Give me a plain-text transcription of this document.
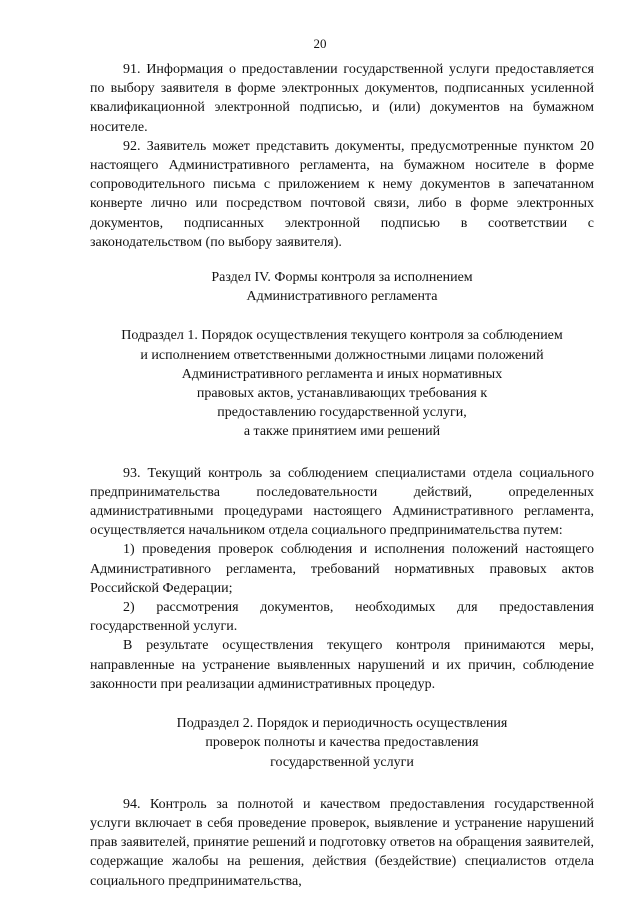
20

91. Информация о предоставлении государственной услуги предоставляется по выбору заявителя в форме электронных документов, подписанных усиленной квалификационной электронной подписью, и (или) документов на бумажном носителе.

92. Заявитель может представить документы, предусмотренные пунктом 20 настоящего Административного регламента, на бумажном носителе в форме сопроводительного письма с приложением к нему документов в запечатанном конверте лично или посредством почтовой связи, либо в форме электронных документов, подписанных электронной подписью в соответствии с законодательством (по выбору заявителя).

Раздел IV. Формы контроля за исполнением
Административного регламента
Подраздел 1. Порядок осуществления текущего контроля за соблюдением
и исполнением ответственными должностными лицами положений
Административного регламента и иных нормативных
правовых актов, устанавливающих требования к
предоставлению государственной услуги,
а также принятием ими решений

93. Текущий контроль за соблюдением специалистами отдела социального предпринимательства последовательности действий, определенных административными процедурами настоящего Административного регламента, осуществляется начальником отдела социального предпринимательства путем:

1) проведения проверок соблюдения и исполнения положений настоящего Административного регламента, требований нормативных правовых актов Российской Федерации;

2) рассмотрения документов, необходимых для предоставления государственной услуги.

В результате осуществления текущего контроля принимаются меры, направленные на устранение выявленных нарушений и их причин, соблюдение законности при реализации административных процедур.

Подраздел 2. Порядок и периодичность осуществления
проверок полноты и качества предоставления
государственной услуги

94. Контроль за полнотой и качеством предоставления государственной услуги включает в себя проведение проверок, выявление и устранение нарушений прав заявителей, принятие решений и подготовку ответов на обращения заявителей, содержащие жалобы на решения, действия (бездействие) специалистов отдела социального предпринимательства,
